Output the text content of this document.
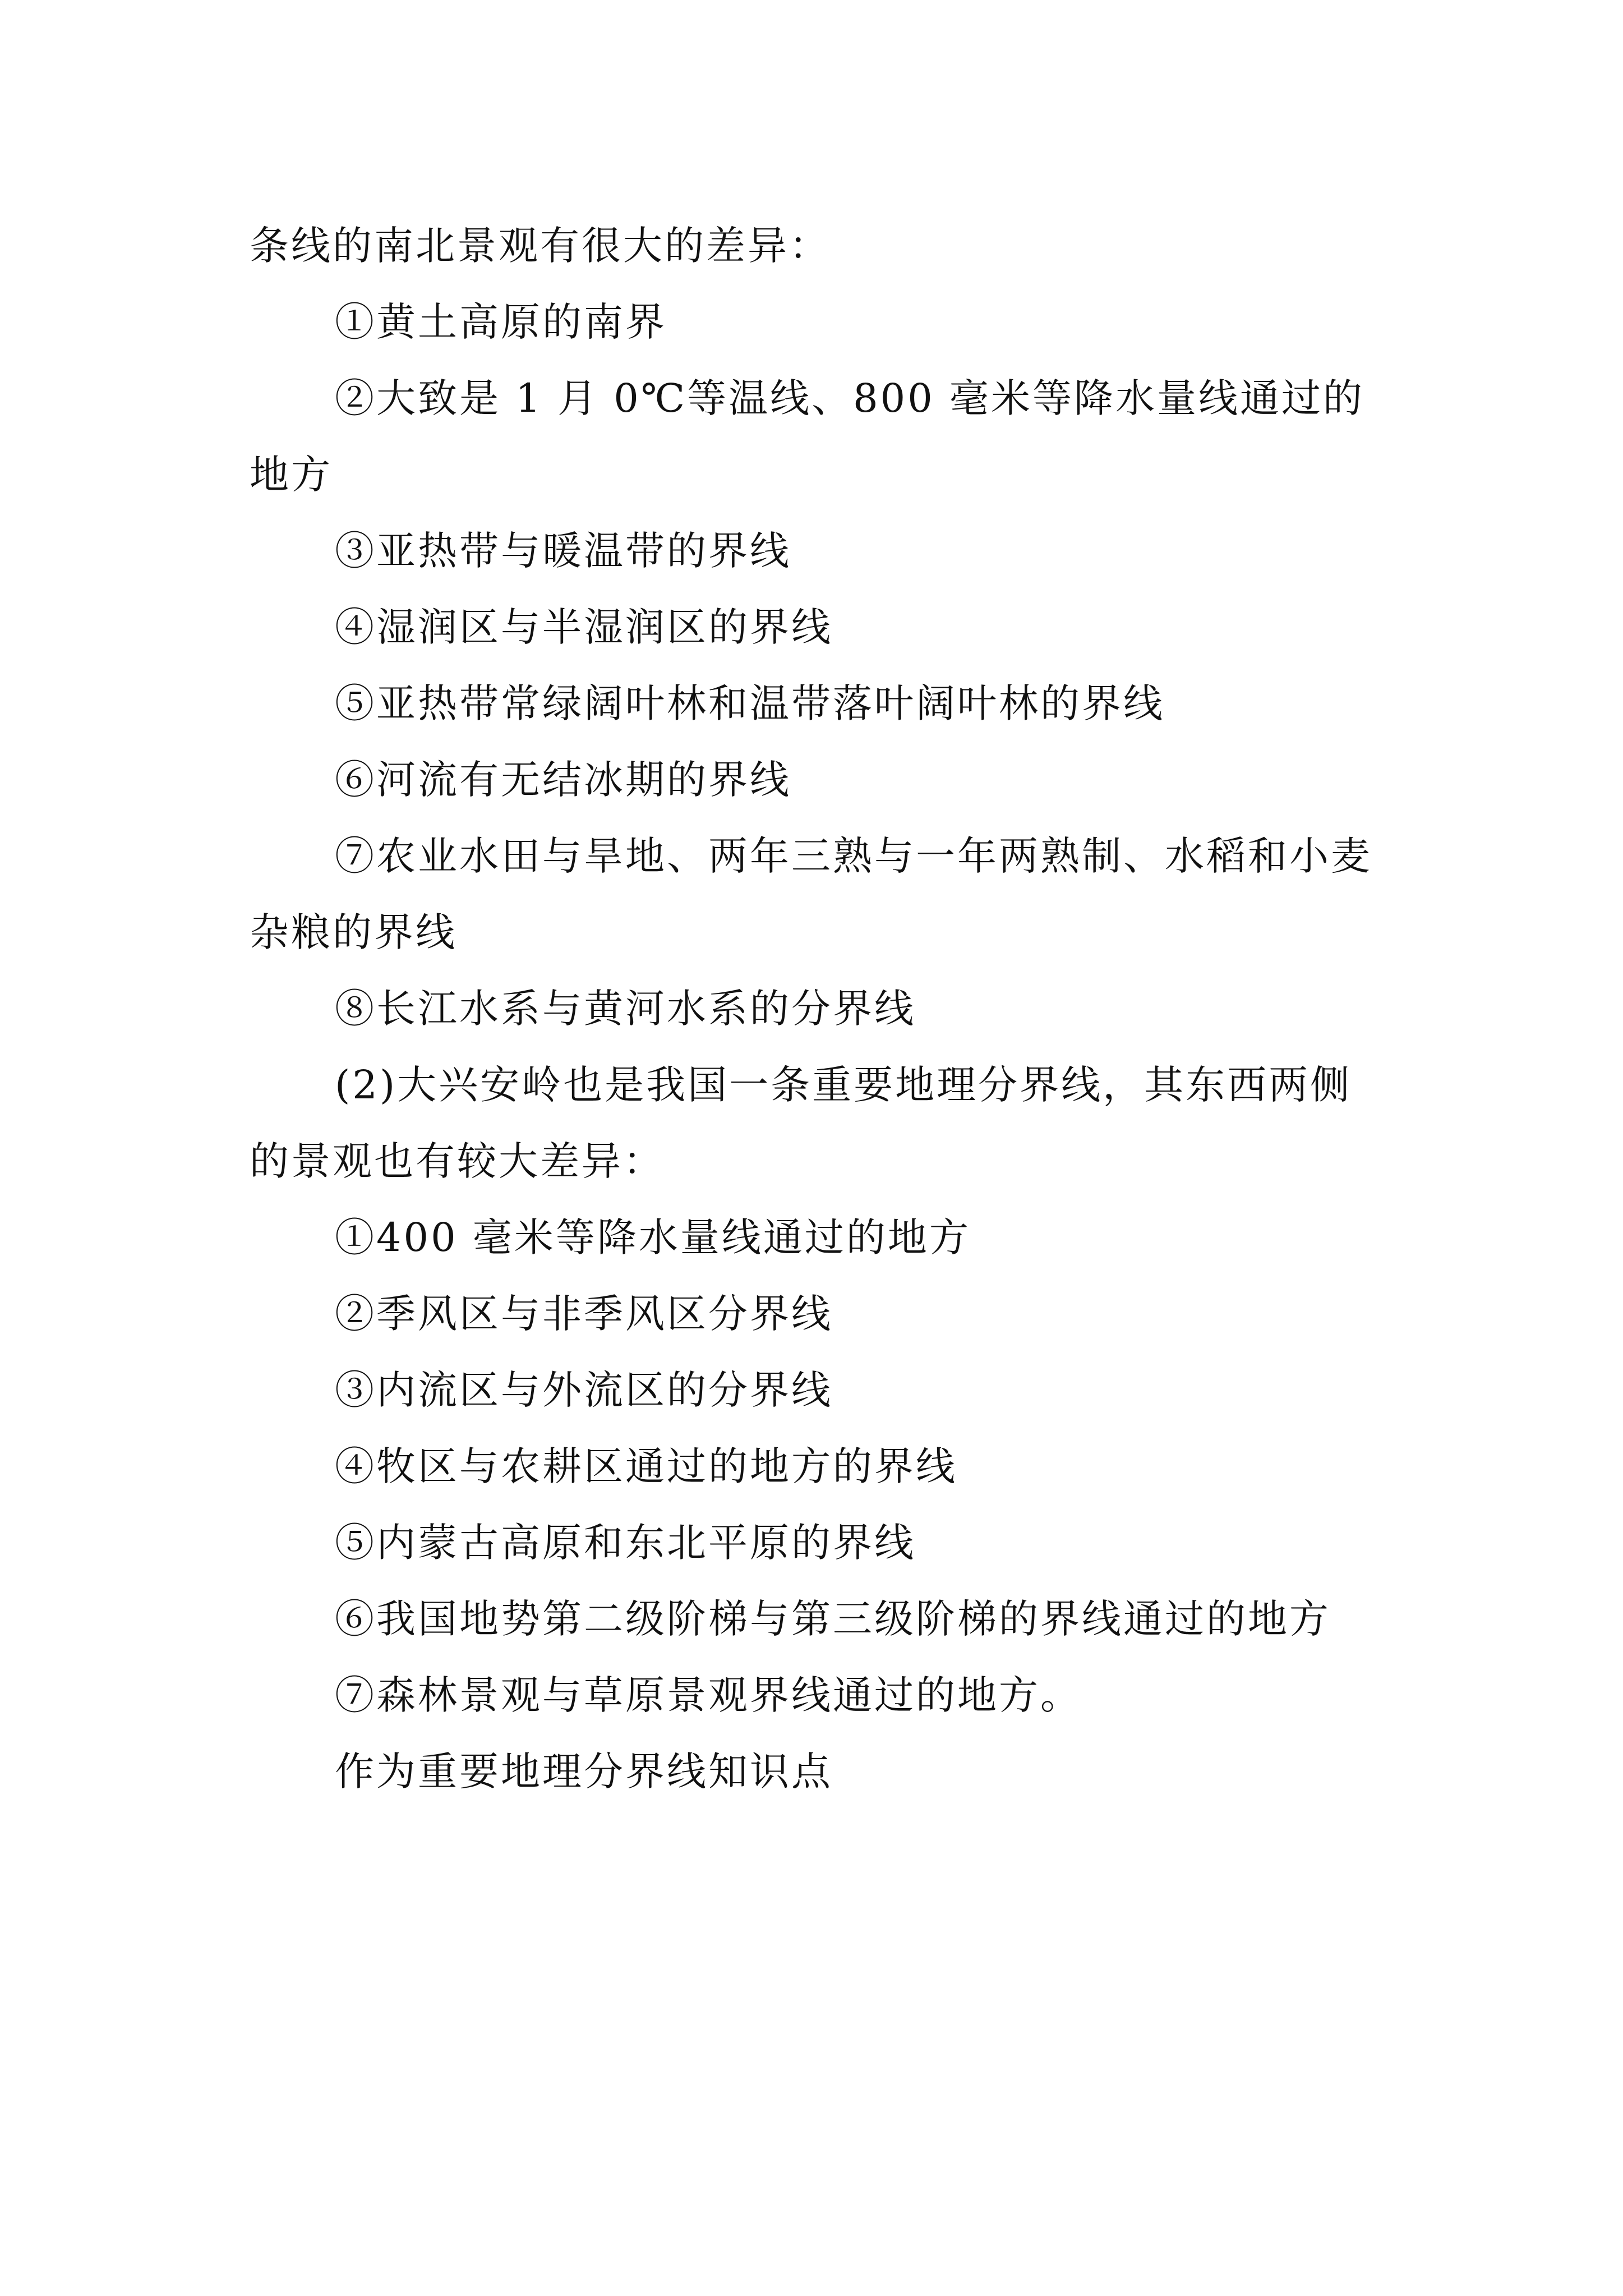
条线的南北景观有很大的差异：

①黄土高原的南界

②大致是 1 月 0℃等温线、800 毫米等降水量线通过的地方

③亚热带与暖温带的界线

④湿润区与半湿润区的界线

⑤亚热带常绿阔叶林和温带落叶阔叶林的界线

⑥河流有无结冰期的界线

⑦农业水田与旱地、两年三熟与一年两熟制、水稻和小麦杂粮的界线

⑧长江水系与黄河水系的分界线

(2)大兴安岭也是我国一条重要地理分界线，其东西两侧的景观也有较大差异：

①400 毫米等降水量线通过的地方

②季风区与非季风区分界线

③内流区与外流区的分界线

④牧区与农耕区通过的地方的界线

⑤内蒙古高原和东北平原的界线

⑥我国地势第二级阶梯与第三级阶梯的界线通过的地方

⑦森林景观与草原景观界线通过的地方。

作为重要地理分界线知识点
